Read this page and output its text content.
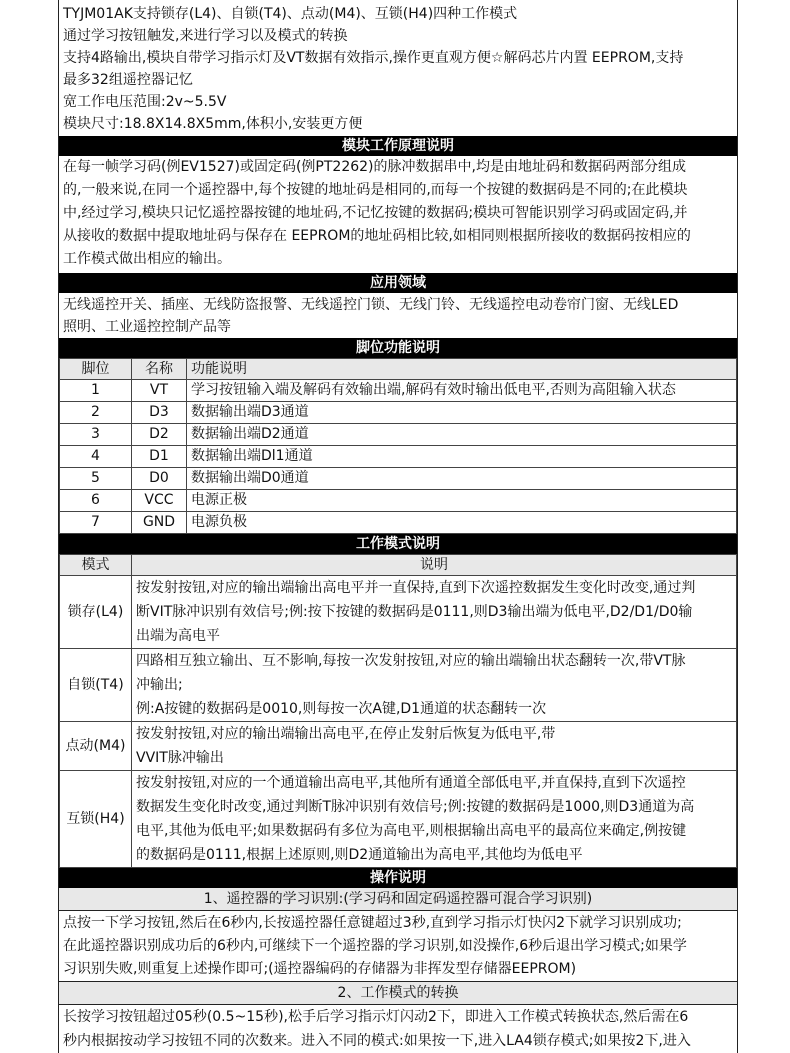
TYJM01AK支持锁存(L4)、自锁(T4)、点动(M4)、互锁(H4)四种工作模式
通过学习按钮触发,来进行学习以及模式的转换
支持4路输出,模块自带学习指示灯及VT数据有效指示,操作更直观方便☆解码芯片内置 EEPROM,支持
最多32组遥控器记忆
宽工作电压范围:2v~5.5V
模块尺寸:18.8X14.8X5mm,体积小,安装更方便
模块工作原理说明
在每一帧学习码(例EV1527)或固定码(例PT2262)的脉冲数据串中,均是由地址码和数据码两部分组成
的,一般来说,在同一个遥控器中,每个按键的地址码是相同的,而每一个按键的数据码是不同的;在此模块
中,经过学习,模块只记忆遥控器按键的地址码,不记忆按键的数据码;模块可智能识别学习码或固定码,并
从接收的数据中提取地址码与保存在 EEPROM的地址码相比较,如相同则根据所接收的数据码按相应的
工作模式做出相应的输出。
应用领域
无线遥控开关、插座、无线防盗报警、无线遥控门锁、无线门铃、无线遥控电动卷帘门窗、无线LED
照明、工业遥控控制产品等
脚位功能说明
脚位	名称	功能说明
1	VT	学习按钮输入端及解码有效输出端,解码有效时输出低电平,否则为高阻输入状态
2	D3	数据输出端D3通道
3	D2	数据输出端D2通道
4	D1	数据输出端Dl1通道
5	D0	数据输出端D0通道
6	VCC	电源正极
7	GND	电源负极
工作模式说明
模式	说明
锁存(L4)	按发射按钮,对应的输出端输出高电平并一直保持,直到下次遥控数据发生变化时改变,通过判
断VIT脉冲识别有效信号;例:按下按键的数据码是0111,则D3输出端为低电平,D2/D1/D0输
出端为高电平

自锁(T4)	四路相互独立输出、互不影响,每按一次发射按钮,对应的输出端输出状态翻转一次,带VT脉
冲输出;
例:A按键的数据码是0010,则每按一次A键,D1通道的状态翻转一次

点动(M4)	按发射按钮,对应的输出端输出高电平,在停止发射后恢复为低电平,带
VVIT脉冲输出

互锁(H4)	按发射按钮,对应的一个通道输出高电平,其他所有通道全部低电平,并直保持,直到下次遥控
数据发生变化时改变,通过判断T脉冲识别有效信号;例:按键的数据码是1000,则D3通道为高
电平,其他为低电平;如果数据码有多位为高电平,则根据输出高电平的最高位来确定,例按键
的数据码是0111,根据上述原则,则D2通道输出为高电平,其他均为低电平
操作说明
1、遥控器的学习识别:(学习码和固定码遥控器可混合学习识别)
点按一下学习按钮,然后在6秒内,长按遥控器任意键超过3秒,直到学习指示灯快闪2下就学习识别成功;
在此遥控器识别成功后的6秒内,可继续下一个遥控器的学习识别,如没操作,6秒后退出学习模式;如果学
习识别失败,则重复上述操作即可;(遥控器编码的存储器为非挥发型存储器EEPROM)
2、工作模式的转换
长按学习按钮超过05秒(0.5~15秒),松手后学习指示灯闪动2下，即进入工作模式转换状态,然后需在6
秒内根据按动学习按钮不同的次数来。进入不同的模式:如果按一下,进入LA4锁存模式;如果按2下,进入
